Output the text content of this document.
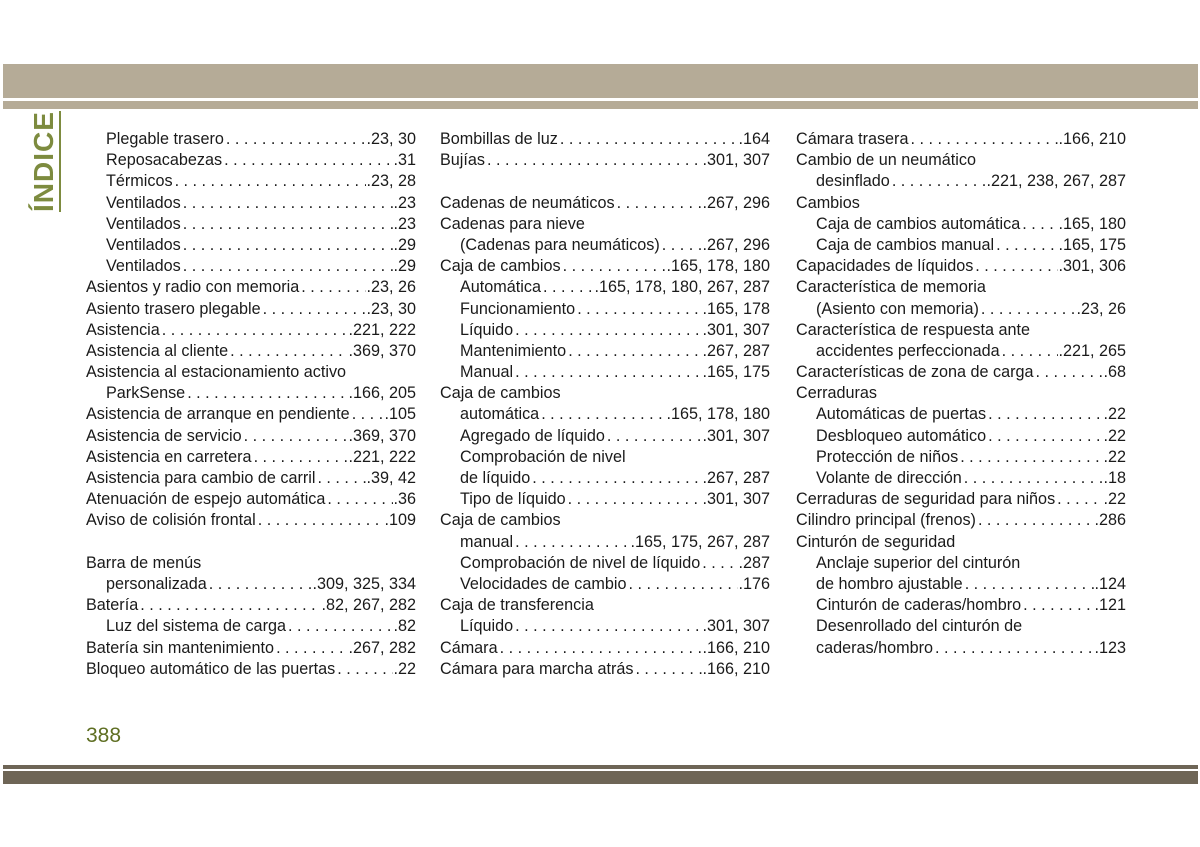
ÍNDICE	Plegable trasero . . .	.23, 30
Reposacabezas . . .	.31
Térmicos . . .	.23, 28
Ventilados . . .	.23
Ventilados . . .	.23
Ventilados . . .	.29
Ventilados . . .	.29
Asientos y radio con memoria . . .	.23, 26
Asiento trasero plegable . . .	.23, 30
Asistencia . . .	.221, 222
Asistencia al cliente . . .	.369, 370
Asistencia al estacionamiento activo
ParkSense . . .	.166, 205
Asistencia de arranque en pendiente . . . .105
Asistencia de servicio . . .	.369, 370
Asistencia en carretera . . .	.221, 222
Asistencia para cambio de carril . . .	.39, 42
Atenuación de espejo automática . . .	.36
Aviso de colisión frontal . . .	.109
Barra de menús
personalizada . . .	.309, 325, 334
Batería . . .	.82, 267, 282
Luz del sistema de carga . . .	.82
Batería sin mantenimiento . . .	.267, 282
Bloqueo automático de las puertas . . .	.22
Bombillas de luz . . .	.164
Bujías . . .	.301, 307
Cadenas de neumáticos . . .	.267, 296
Cadenas para nieve
(Cadenas para neumáticos) . . .	.267, 296
Caja de cambios . . .	.165, 178, 180
Automática . . .	.165, 178, 180, 267, 287
Funcionamiento . . .	.165, 178
Líquido . . .	.301, 307
Mantenimiento . . .	.267, 287
Manual . . .	.165, 175
Caja de cambios
automática . . .	.165, 178, 180
Agregado de líquido . . .	.301, 307
Comprobación de nivel
de líquido . . .	.267, 287
Tipo de líquido . . .	.301, 307
Caja de cambios
manual . . .	.165, 175, 267, 287
Comprobación de nivel de líquido . . . .287
Velocidades de cambio . . .	.176
Caja de transferencia
Líquido . . .	.301, 307
Cámara . . .	.166, 210
Cámara para marcha atrás . . .	.166, 210
Cámara trasera . . .	.166, 210
Cambio de un neumático
desinflado . . .	.221, 238, 267, 287
Cambios
Caja de cambios automática . . . .165, 180
Caja de cambios manual . . .	.165, 175
Capacidades de líquidos . . .	.301, 306
Característica de memoria
(Asiento con memoria) . . .	.23, 26
Característica de respuesta ante
accidentes perfeccionada . . .	.221, 265
Características de zona de carga . . .	.68
Cerraduras
Automáticas de puertas . . .	.22
Desbloqueo automático . . .	.22
Protección de niños . . .	.22
Volante de dirección . . .	.18
Cerraduras de seguridad para niños . . .	.22
Cilindro principal (frenos) . . .	.286
Cinturón de seguridad
Anclaje superior del cinturón
de hombro ajustable . . .	.124
Cinturón de caderas/hombro . . .	.121
Desenrollado del cinturón de
caderas/hombro . . .	.123
388
